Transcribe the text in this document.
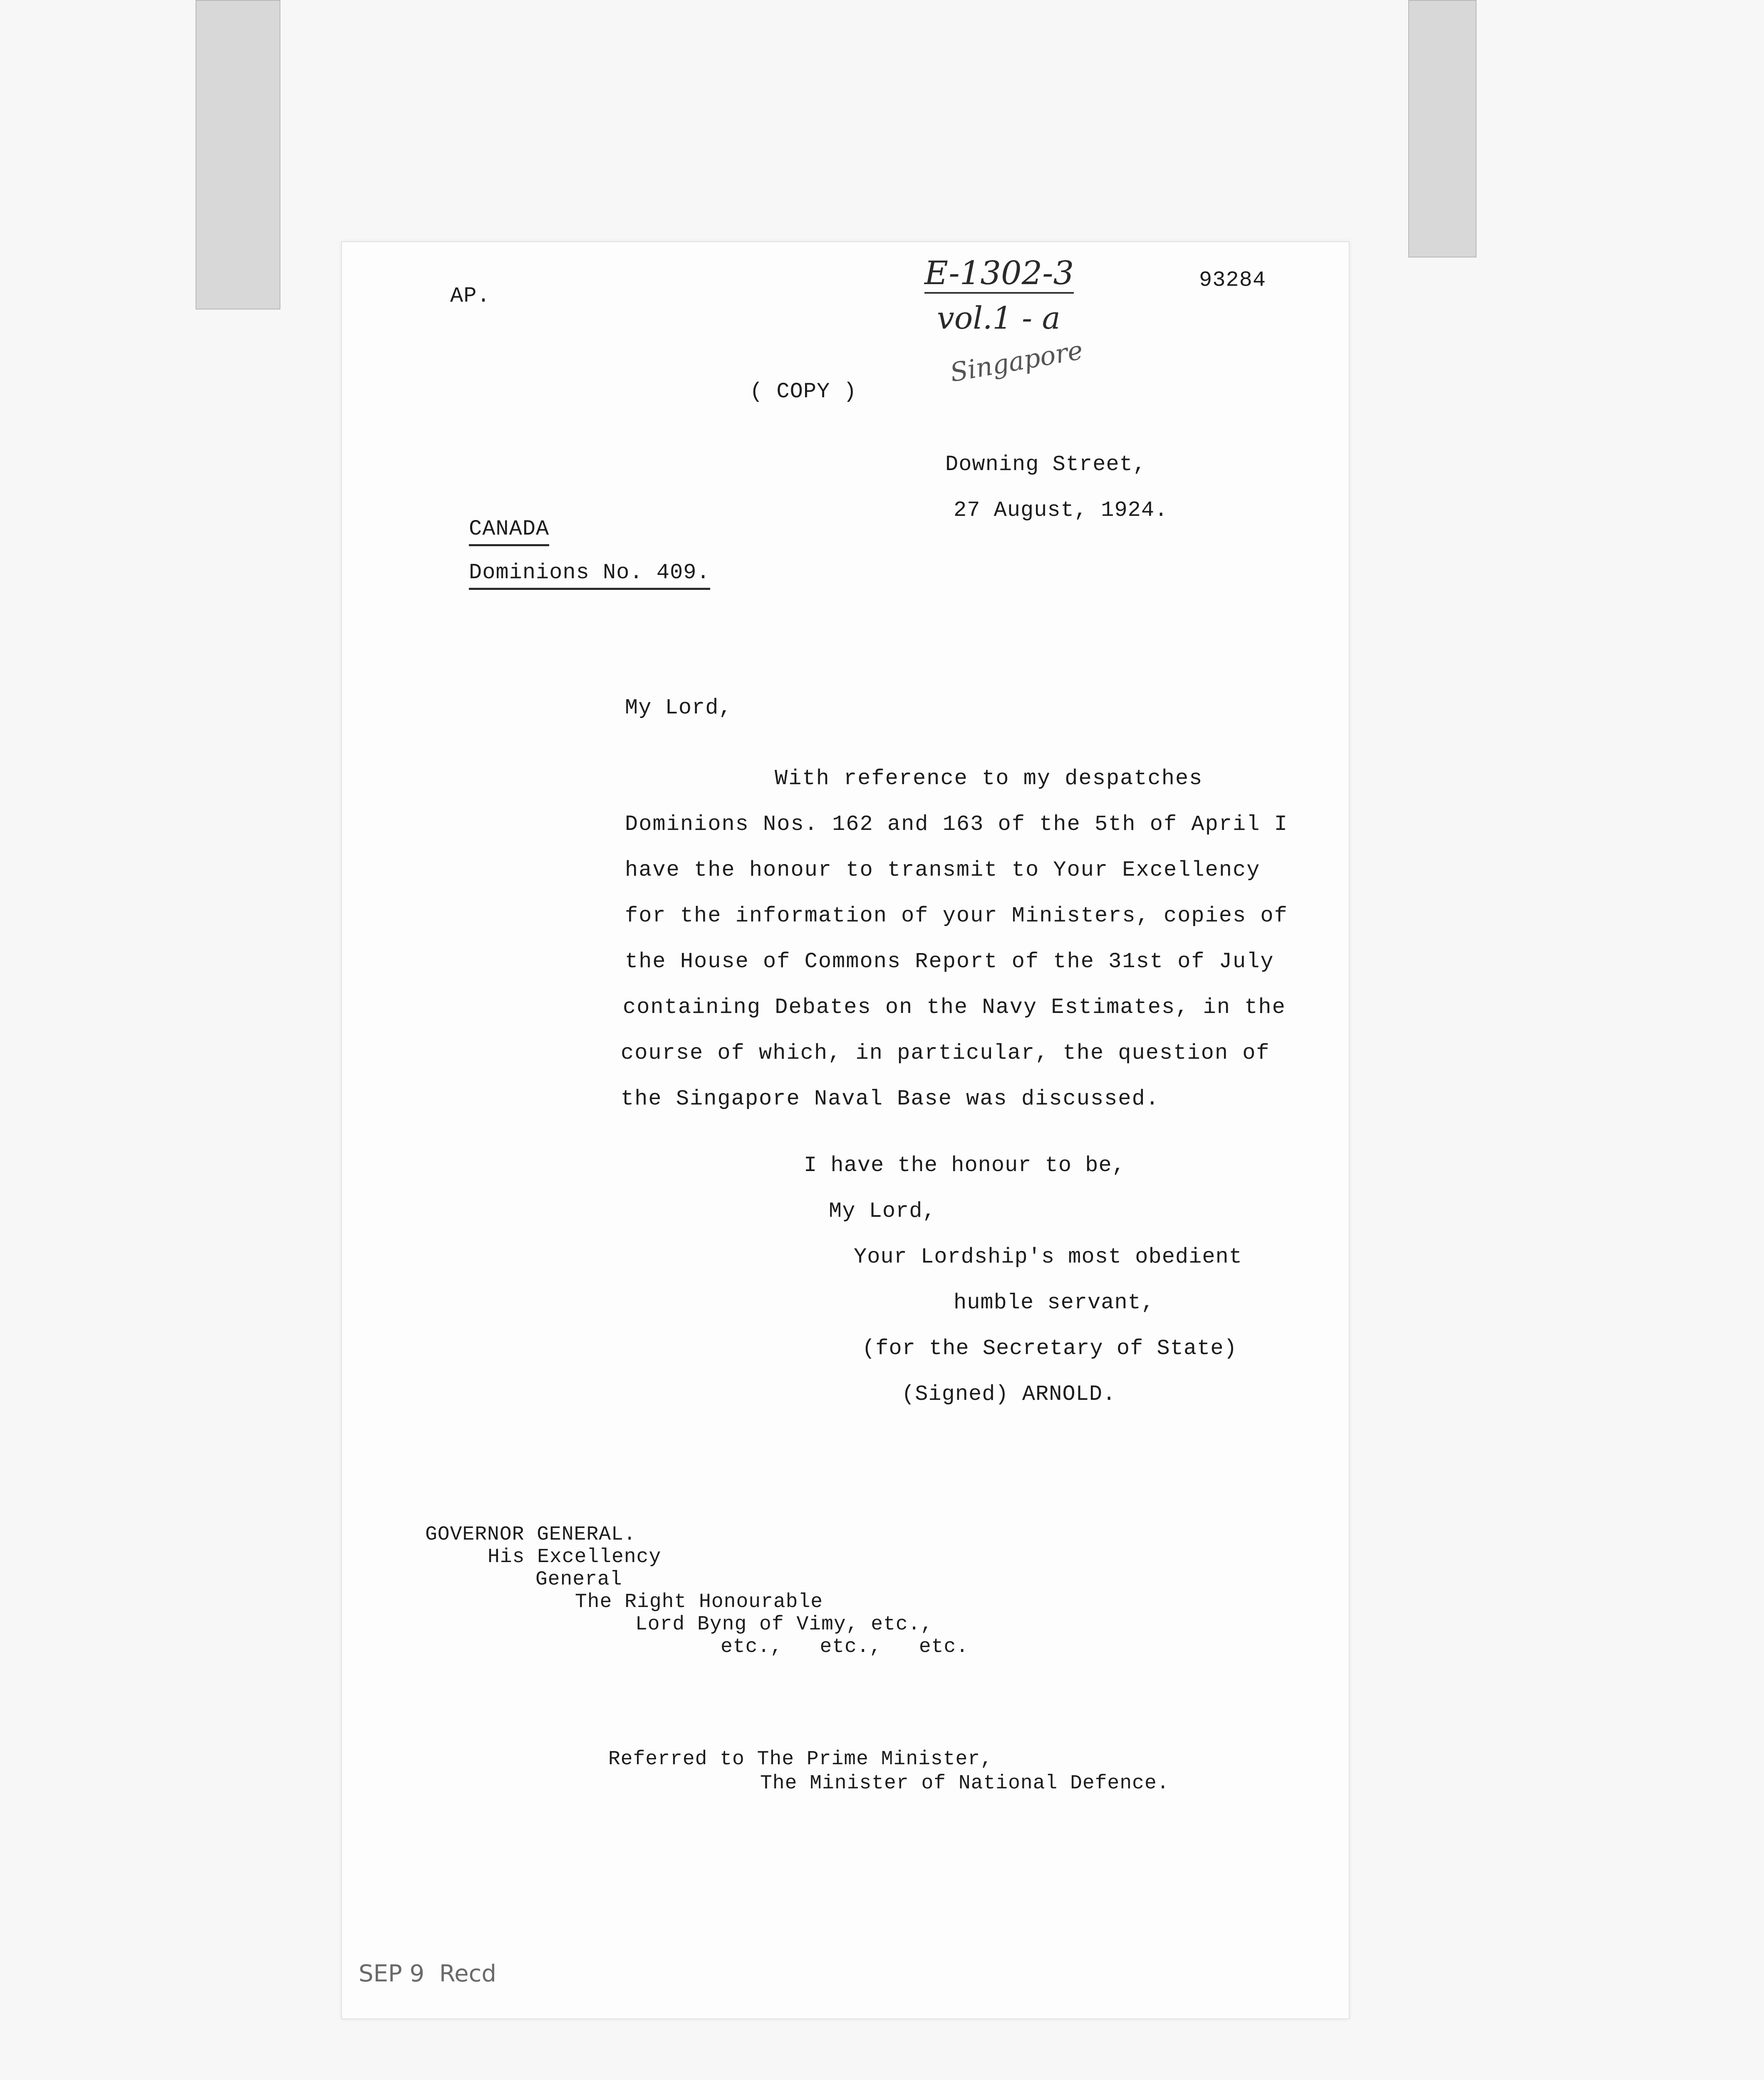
AP.
93284
E-1302-3
vol.1 - a
Singapore
( COPY )
Downing Street,
27 August, 1924.
CANADA
Dominions No. 409.
My Lord,
With reference to my despatches
Dominions Nos. 162 and 163 of the 5th of April I
have the honour to transmit to Your Excellency
for the information of your Ministers, copies of
the House of Commons Report of the 31st of July
containing Debates on the Navy Estimates, in the
course of which, in particular, the question of
the Singapore Naval Base was discussed.
I have the honour to be,
My Lord,
Your Lordship's most obedient
humble servant,
(for the Secretary of State)
(Signed) ARNOLD.
GOVERNOR GENERAL.
His Excellency
General
The Right Honourable
Lord Byng of Vimy, etc.,
etc.,   etc.,   etc.
Referred to The Prime Minister,
The Minister of National Defence.
SEP 9  Recd
